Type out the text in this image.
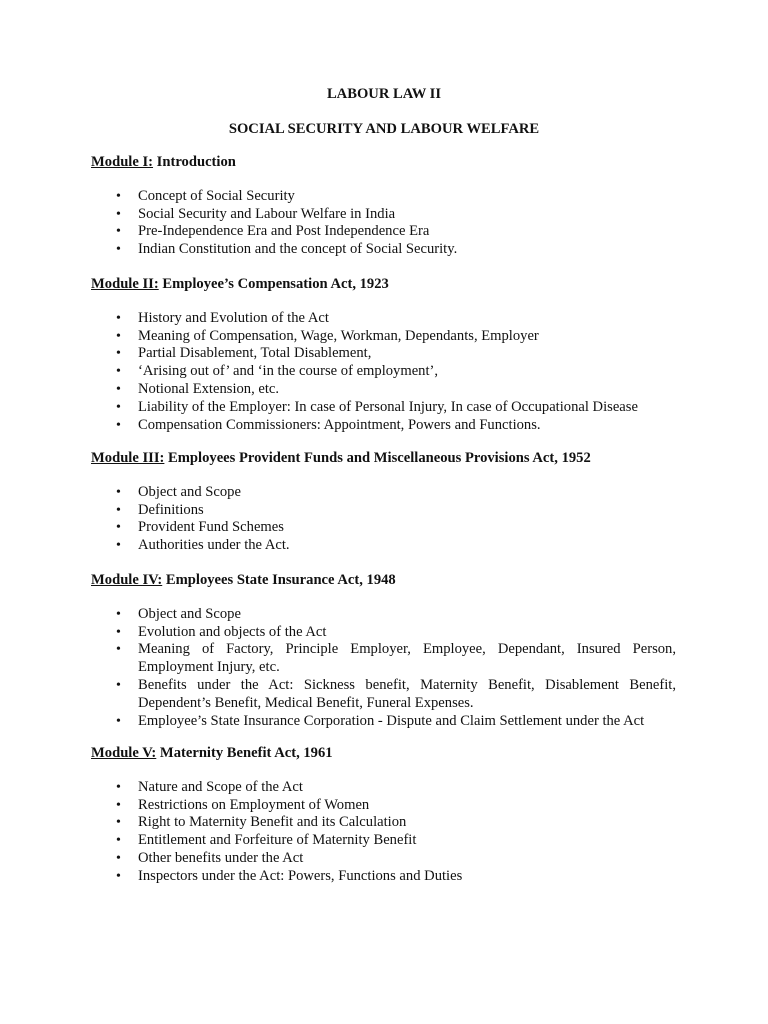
LABOUR LAW II

SOCIAL SECURITY AND LABOUR WELFARE

Module I: Introduction

• Concept of Social Security
• Social Security and Labour Welfare in India
• Pre-Independence Era and Post Independence Era
• Indian Constitution and the concept of Social Security.

Module II: Employee’s Compensation Act, 1923

• History and Evolution of the Act
• Meaning of Compensation, Wage, Workman, Dependants, Employer
• Partial Disablement, Total Disablement,
• ‘Arising out of’ and ‘in the course of employment’,
• Notional Extension, etc.
• Liability of the Employer: In case of Personal Injury, In case of Occupational Disease
• Compensation Commissioners: Appointment, Powers and Functions.

Module III: Employees Provident Funds and Miscellaneous Provisions Act, 1952

• Object and Scope
• Definitions
• Provident Fund Schemes
• Authorities under the Act.

Module IV: Employees State Insurance Act, 1948

• Object and Scope
• Evolution and objects of the Act
• Meaning of Factory, Principle Employer, Employee, Dependant, Insured Person, Employment Injury, etc.
• Benefits under the Act: Sickness benefit, Maternity Benefit, Disablement Benefit, Dependent’s Benefit, Medical Benefit, Funeral Expenses.
• Employee’s State Insurance Corporation - Dispute and Claim Settlement under the Act

Module V: Maternity Benefit Act, 1961

• Nature and Scope of the Act
• Restrictions on Employment of Women
• Right to Maternity Benefit and its Calculation
• Entitlement and Forfeiture of Maternity Benefit
• Other benefits under the Act
• Inspectors under the Act: Powers, Functions and Duties
